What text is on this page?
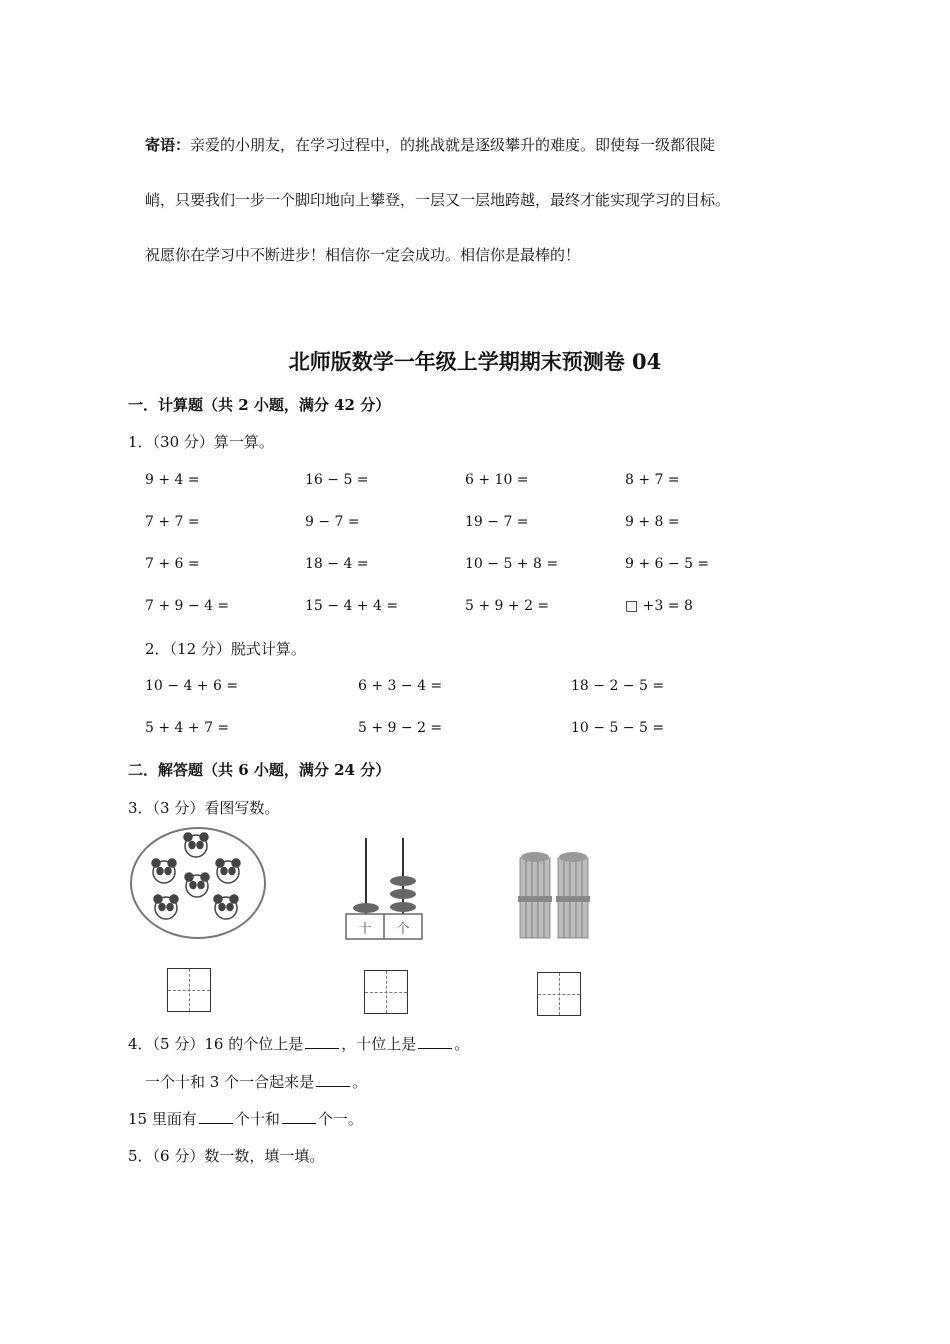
寄语：亲爱的小朋友，在学习过程中，的挑战就是逐级攀升的难度。即使每一级都很陡
峭，只要我们一步一个脚印地向上攀登，一层又一层地跨越，最终才能实现学习的目标。
祝愿你在学习中不断进步！相信你一定会成功。相信你是最棒的！
北师版数学一年级上学期期末预测卷 04
一．计算题（共 2 小题，满分 42 分）
1．（30 分）算一算。
9 + 4 =	16 − 5 =	6 + 10 =	8 + 7 =
7 + 7 =	9 − 7 =	19 − 7 =	9 + 8 =
7 + 6 =	18 − 4 =	10 − 5 + 8 =	9 + 6 − 5 =
7 + 9 − 4 =	15 − 4 + 4 =	5 + 9 + 2 =	□ +3 = 8
2．（12 分）脱式计算。
10 − 4 + 6 =	6 + 3 − 4 =	18 − 2 − 5 =
5 + 4 + 7 =	5 + 9 − 2 =	10 − 5 − 5 =
二．解答题（共 6 小题，满分 24 分）
3．（3 分）看图写数。
十 个
4．（5 分）16 的个位上是	，十位上是	。
一个十和 3 个一合起来是	。
15 里面有	个十和	个一。
5．（6 分）数一数，填一填。
